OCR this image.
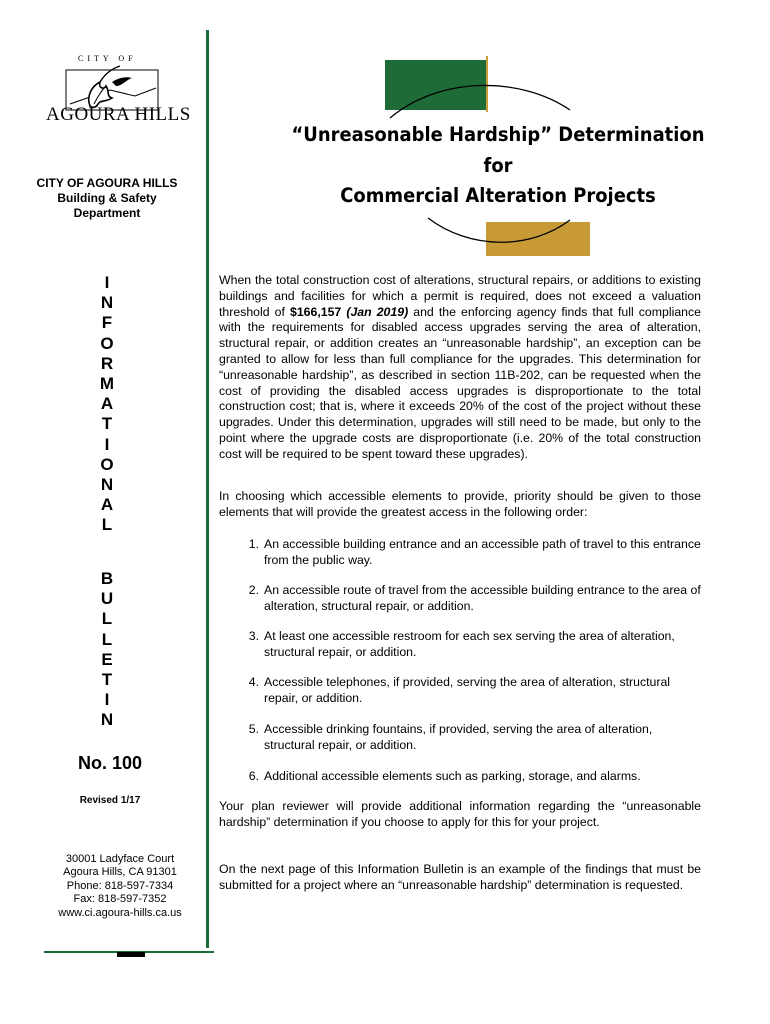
CITY OF
AGOURA HILLS
CITY OF AGOURA HILLS
Building & Safety
Department
I
N
F
O
R
M
A
T
I
O
N
A
L
B
U
L
L
E
T
I
N
No. 100
Revised 1/17
30001 Ladyface Court
Agoura Hills, CA 91301
Phone: 818-597-7334
Fax: 818-597-7352
www.ci.agoura-hills.ca.us
“Unreasonable Hardship” Determination
for
Commercial Alteration Projects
When the total construction cost of alterations, structural repairs, or additions to existing buildings and facilities for which a permit is required, does not exceed a valuation threshold of $166,157 (Jan 2019) and the enforcing agency finds that full compliance with the requirements for disabled access upgrades serving the area of alteration, structural repair, or addition creates an “unreasonable hardship”, an exception can be granted to allow for less than full compliance for the upgrades. This determination for “unreasonable hardship”, as described in section 11B-202, can be requested when the cost of providing the disabled access upgrades is disproportionate to the total construction cost; that is, where it exceeds 20% of the cost of the project without these upgrades. Under this determination, upgrades will still need to be made, but only to the point where the upgrade costs are disproportionate (i.e. 20% of the total construction cost will be required to be spent toward these upgrades).
In choosing which accessible elements to provide, priority should be given to those elements that will provide the greatest access in the following order:
1. An accessible building entrance and an accessible path of travel to this entrance from the public way.
2. An accessible route of travel from the accessible building entrance to the area of alteration, structural repair, or addition.
3. At least one accessible restroom for each sex serving the area of alteration, structural repair, or addition.
4. Accessible telephones, if provided, serving the area of alteration, structural repair, or addition.
5. Accessible drinking fountains, if provided, serving the area of alteration, structural repair, or addition.
6. Additional accessible elements such as parking, storage, and alarms.
Your plan reviewer will provide additional information regarding the “unreasonable hardship” determination if you choose to apply for this for your project.
On the next page of this Information Bulletin is an example of the findings that must be submitted for a project where an “unreasonable hardship” determination is requested.
